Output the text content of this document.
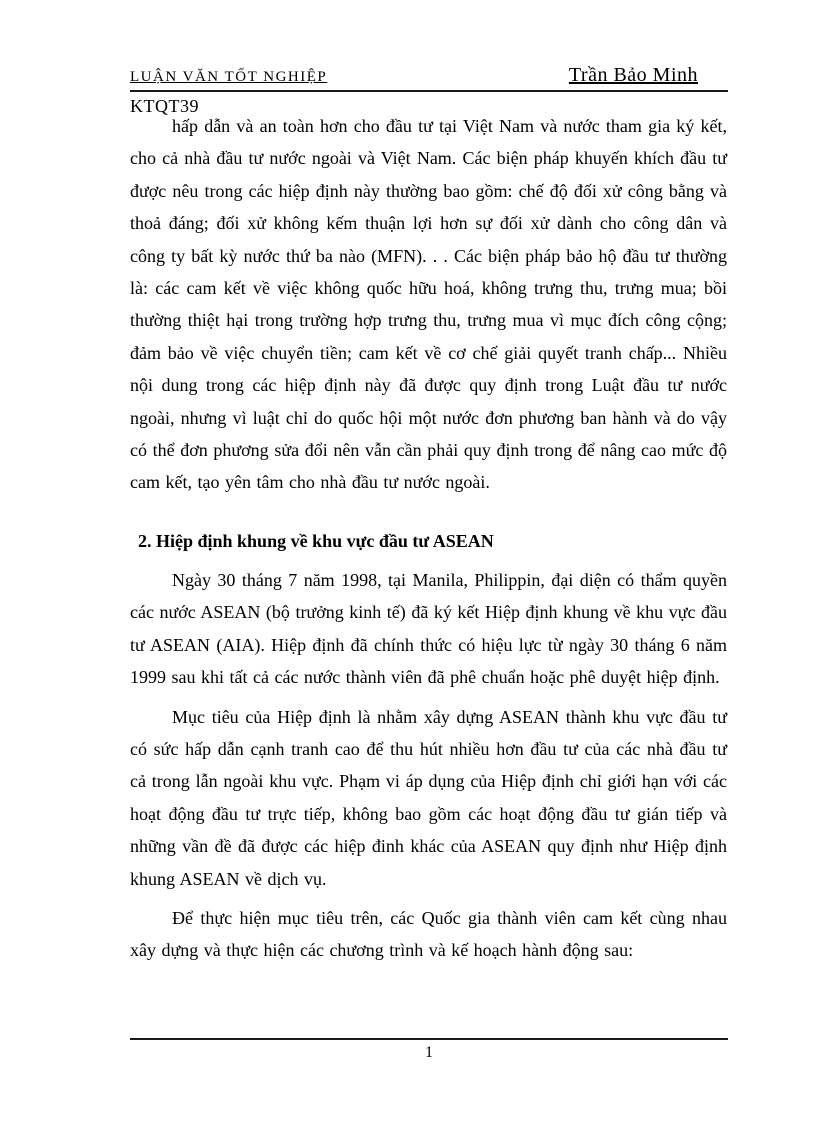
LUẬN VĂN TỐT NGHIỆP	Trần Bảo Minh
KTQT39

hấp dẫn và an toàn hơn cho đầu tư tại Việt Nam và nước tham gia ký kết, cho cả nhà đầu tư nước ngoài và Việt Nam. Các biện pháp khuyến khích đầu tư được nêu trong các hiệp định này thường bao gồm: chế độ đối xử công bằng và thoả đáng; đối xử không kếm thuận lợi hơn sự đối xử dành cho công dân và công ty bất kỳ nước thứ ba nào (MFN). . . Các biện pháp bảo hộ đầu tư thường là: các cam kết về việc không quốc hữu hoá, không trưng thu, trưng mua; bồi thường thiệt hại trong trường hợp trưng thu, trưng mua vì mục đích công cộng; đảm bảo về việc chuyển tiền; cam kết về cơ chế giải quyết tranh chấp... Nhiều nội dung trong các hiệp định này đã được quy định trong Luật đầu tư nước ngoài, nhưng vì luật chỉ do quốc hội một nước đơn phương ban hành và do vậy có thể đơn phương sửa đổi nên vẫn cần phải quy định trong để nâng cao mức độ cam kết, tạo yên tâm cho nhà đầu tư nước ngoài.

2. Hiệp định khung về khu vực đầu tư ASEAN

Ngày 30 tháng 7 năm 1998, tại Manila, Philippin, đại diện có thẩm quyền các nước ASEAN (bộ trưởng kinh tế) đã ký kết Hiệp định khung về khu vực đầu tư ASEAN (AIA). Hiệp định đã chính thức có hiệu lực từ ngày 30 tháng 6 năm 1999 sau khi tất cả các nước thành viên đã phê chuẩn hoặc phê duyệt hiệp định.

Mục tiêu của Hiệp định là nhằm xây dựng ASEAN thành khu vực đầu tư có sức hấp dẫn cạnh tranh cao để thu hút nhiều hơn đầu tư của các nhà đầu tư cả trong lẫn ngoài khu vực. Phạm vi áp dụng của Hiệp định chỉ giới hạn với các hoạt động đầu tư trực tiếp, không bao gồm các hoạt động đầu tư gián tiếp và những vần đề đã được các hiệp đinh khác của ASEAN quy định như Hiệp định khung ASEAN về dịch vụ.

Để thực hiện mục tiêu trên, các Quốc gia thành viên cam kết cùng nhau xây dựng và thực hiện các chương trình và kế hoạch hành động sau:

1
